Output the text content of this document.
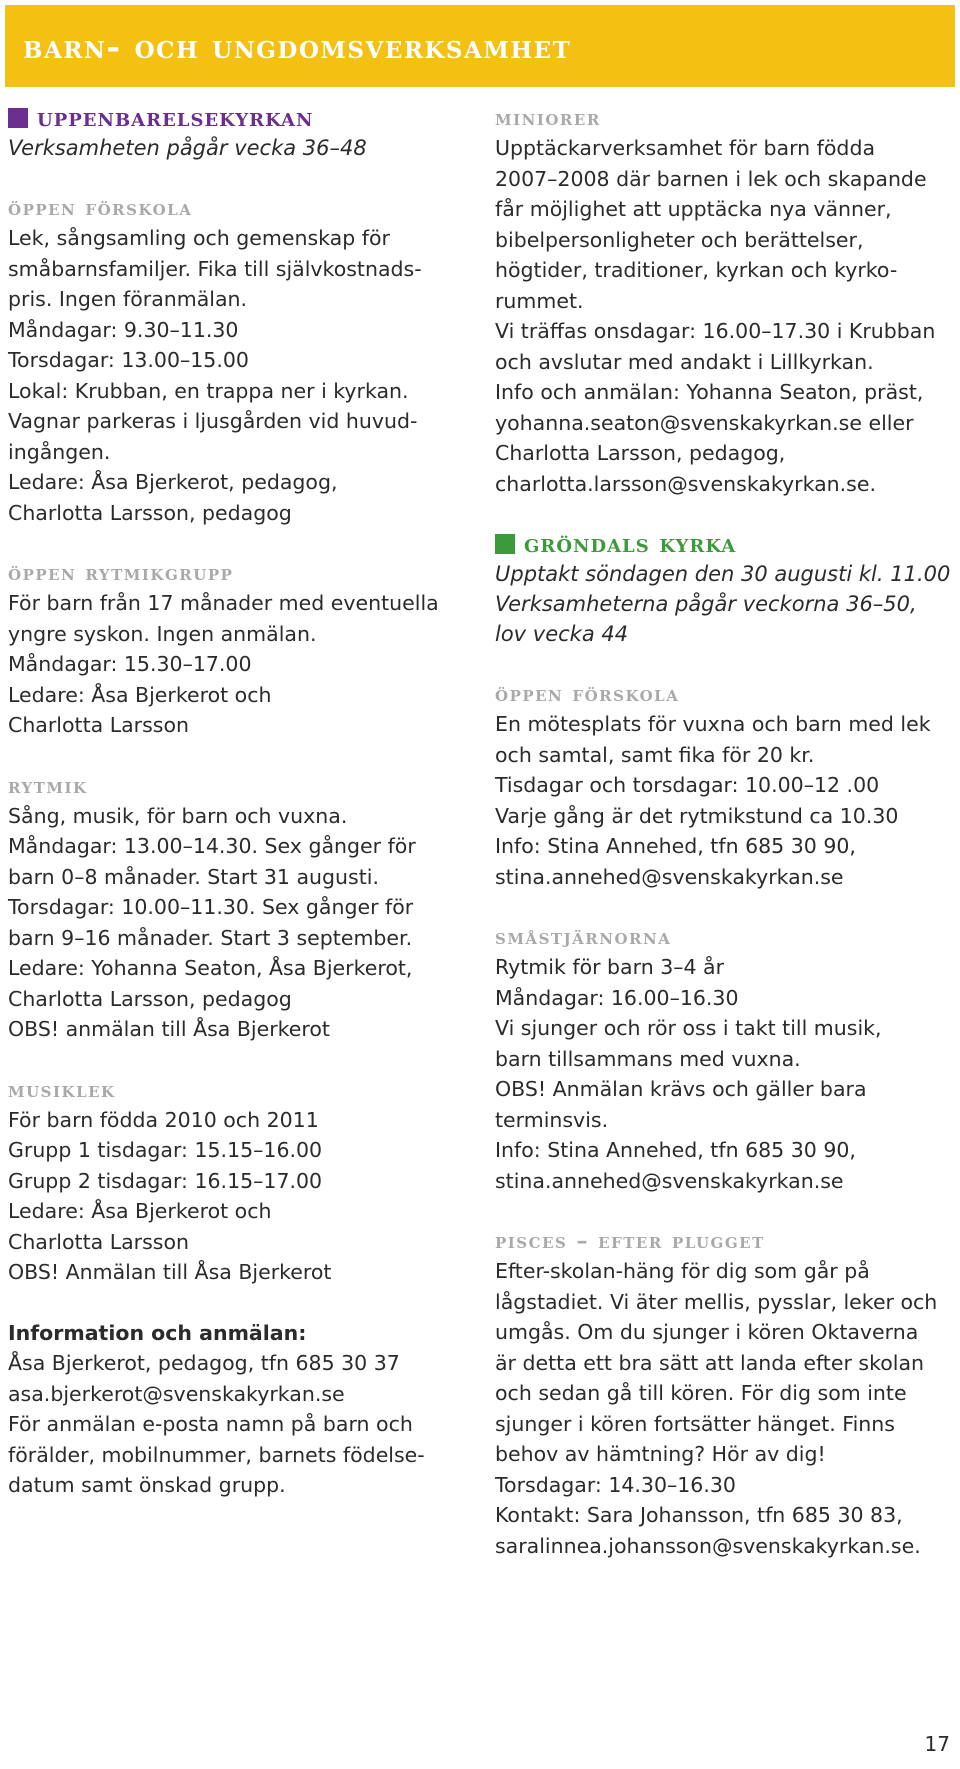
barn- och ungdomsverksamhet
uppenbarelsekyrkan

Verksamheten pågår vecka 36–48

öppen förskola
Lek, sångsamling och gemenskap för
småbarnsfamiljer. Fika till självkostnads-
pris. Ingen föranmälan.
Måndagar: 9.30–11.30
Torsdagar: 13.00–15.00
Lokal: Krubban, en trappa ner i kyrkan.
Vagnar parkeras i ljusgården vid huvud-
ingången.
Ledare: Åsa Bjerkerot, pedagog,
Charlotta Larsson, pedagog
öppen rytmikgrupp
För barn från 17 månader med eventuella
yngre syskon. Ingen anmälan.
Måndagar: 15.30–17.00
Ledare: Åsa Bjerkerot och
Charlotta Larsson
rytmik
Sång, musik, för barn och vuxna.
Måndagar: 13.00–14.30. Sex gånger för
barn 0–8 månader. Start 31 augusti.
Torsdagar: 10.00–11.30. Sex gånger för
barn 9–16 månader. Start 3 september.
Ledare: Yohanna Seaton, Åsa Bjerkerot,
Charlotta Larsson, pedagog
OBS! anmälan till Åsa Bjerkerot
musiklek
För barn födda 2010 och 2011
Grupp 1 tisdagar: 15.15–16.00
Grupp 2 tisdagar: 16.15–17.00
Ledare: Åsa Bjerkerot och
Charlotta Larsson
OBS! Anmälan till Åsa Bjerkerot
Information och anmälan:
Åsa Bjerkerot, pedagog, tfn 685 30 37
asa.bjerkerot@svenskakyrkan.se
För anmälan e-posta namn på barn och
förälder, mobilnummer, barnets födelse-
datum samt önskad grupp.
miniorer
Upptäckarverksamhet för barn födda
2007–2008 där barnen i lek och skapande
får möjlighet att upptäcka nya vänner,
bibelpersonligheter och berättelser,
högtider, traditioner, kyrkan och kyrko-
rummet.
Vi träffas onsdagar: 16.00–17.30 i Krubban
och avslutar med andakt i Lillkyrkan.
Info och anmälan: Yohanna Seaton, präst,
yohanna.seaton@svenskakyrkan.se eller
Charlotta Larsson, pedagog,
charlotta.larsson@svenskakyrkan.se.
gröndals kyrka
Upptakt söndagen den 30 augusti kl. 11.00
Verksamheterna pågår veckorna 36–50,
lov vecka 44
öppen förskola
En mötesplats för vuxna och barn med lek
och samtal, samt fika för 20 kr.
Tisdagar och torsdagar: 10.00–12 .00
Varje gång är det rytmikstund ca 10.30
Info: Stina Annehed, tfn 685 30 90,
stina.annehed@svenskakyrkan.se
småstjärnorna
Rytmik för barn 3–4 år
Måndagar: 16.00–16.30
Vi sjunger och rör oss i takt till musik,
barn tillsammans med vuxna.
OBS! Anmälan krävs och gäller bara
terminsvis.
Info: Stina Annehed, tfn 685 30 90,
stina.annehed@svenskakyrkan.se
pisces – efter plugget
Efter-skolan-häng för dig som går på
lågstadiet. Vi äter mellis, pysslar, leker och
umgås. Om du sjunger i kören Oktaverna
är detta ett bra sätt att landa efter skolan
och sedan gå till kören. För dig som inte
sjunger i kören fortsätter hänget. Finns
behov av hämtning? Hör av dig!
Torsdagar: 14.30–16.30
Kontakt: Sara Johansson, tfn 685 30 83,
saralinnea.johansson@svenskakyrkan.se.
17
